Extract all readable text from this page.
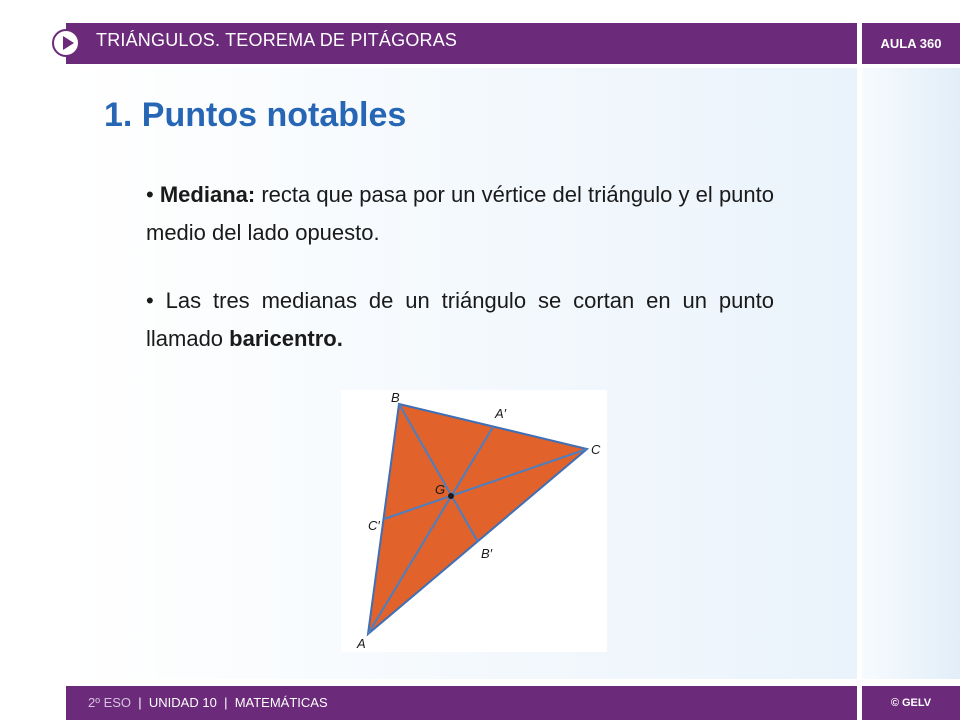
TRIÁNGULOS. TEOREMA DE PITÁGORAS	AULA 360
1. Puntos notables
• Mediana: recta que pasa por un vértice del triángulo y el punto medio del lado opuesto.
• Las tres medianas de un triángulo se cortan en un punto llamado baricentro.
B
A′
C
G
C′
B′
A
2º ESO | UNIDAD 10 | MATEMÁTICAS	© GELV
